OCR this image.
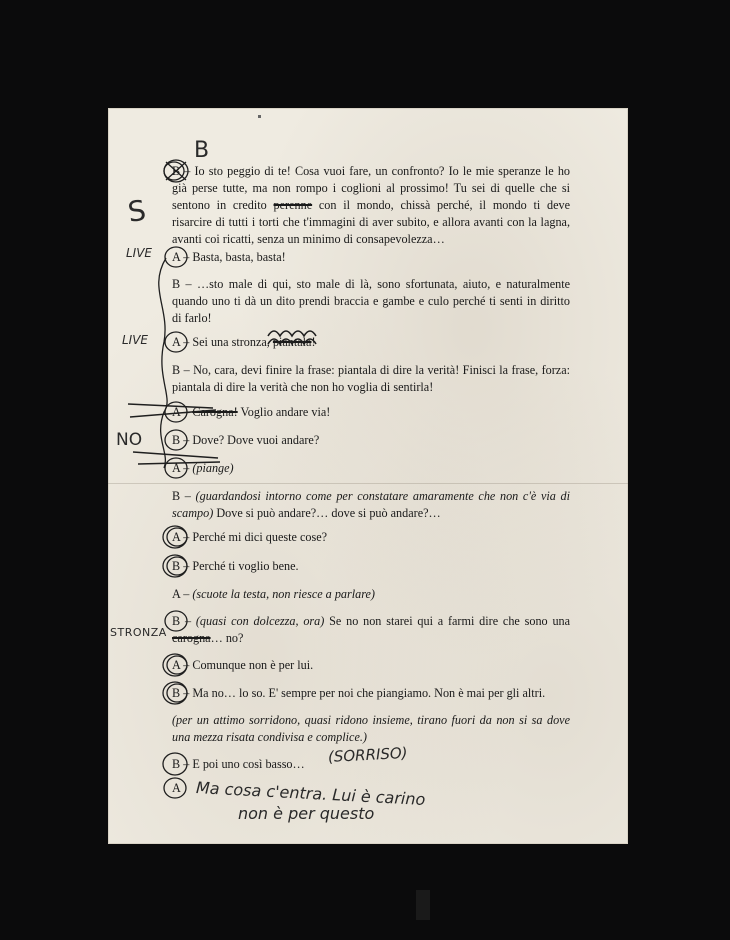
B – Io sto peggio di te! Cosa vuoi fare, un confronto? Io le mie speranze le ho
già perse tutte, ma non rompo i coglioni al prossimo! Tu sei di quelle che si
sentono in credito perenne con il mondo, chissà perché, il mondo ti deve
risarcire di tutti i torti che t'immagini di aver subito, e allora avanti con la lagna,
avanti coi ricatti, senza un minimo di consapevolezza…
A – Basta, basta, basta!
B – …sto male di qui, sto male di là, sono sfortunata, aiuto, e naturalmente
quando uno ti dà un dito prendi braccia e gambe e culo perché ti senti in diritto
di farlo!
A – Sei una stronza, piantala!
B – No, cara, devi finire la frase: piantala di dire la verità! Finisci la frase, forza:
piantala di dire la verità che non ho voglia di sentirla!
A – Carogna! Voglio andare via!
B – Dove? Dove vuoi andare?
A – (piange)
B – (guardandosi intorno come per constatare amaramente che non c'è via di
scampo) Dove si può andare?… dove si può andare?…
A – Perché mi dici queste cose?
B – Perché ti voglio bene.
A – (scuote la testa, non riesce a parlare)
B – (quasi con dolcezza, ora) Se no non starei qui a farmi dire che sono una
carogna… no?
A – Comunque non è per lui.
B – Ma no… lo so. E' sempre per noi che piangiamo. Non è mai per gli altri.
(per un attimo sorridono, quasi ridono insieme, tirano fuori da non si sa dove
una mezza risata condivisa e complice.)
B – E poi uno così basso…
A
B
S
LIVE
LIVE
NO
STRONZA
(SORRISO)
Ma cosa c'entra. Lui è carino
non è per questo
